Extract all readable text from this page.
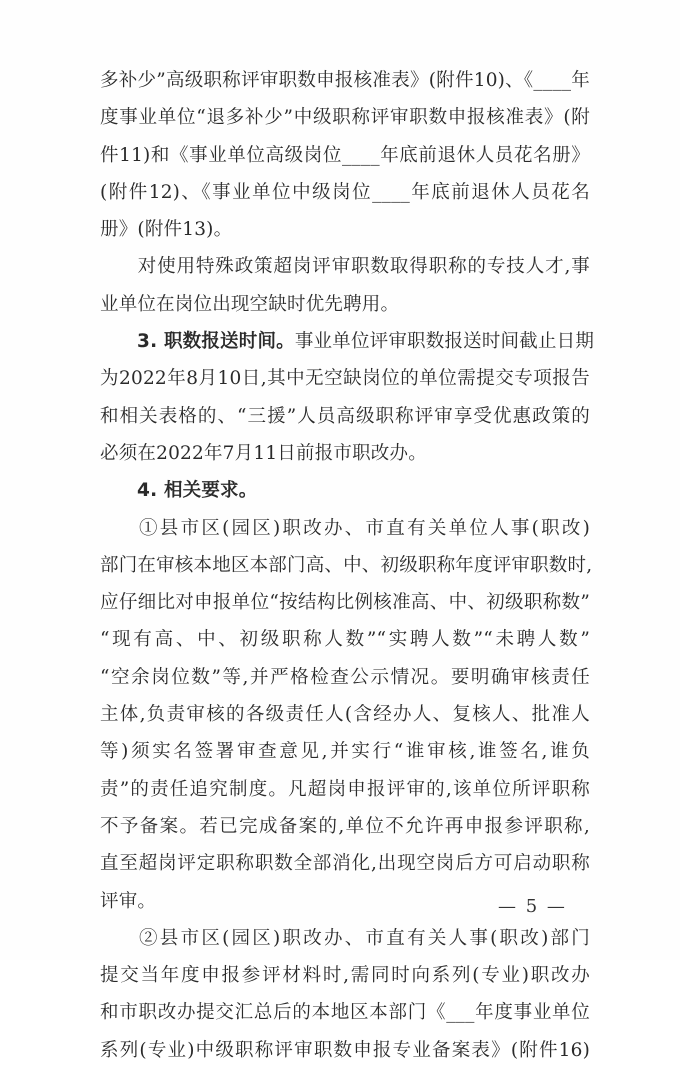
多补少”高级职称评审职数申报核准表》(附件10)、《____年
度事业单位“退多补少”中级职称评审职数申报核准表》(附
件11)和《事业单位高级岗位____年底前退休人员花名册》
(附件12)、《事业单位中级岗位____年底前退休人员花名
册》(附件13)。
对使用特殊政策超岗评审职数取得职称的专技人才,事
业单位在岗位出现空缺时优先聘用。
3. 职数报送时间。事业单位评审职数报送时间截止日期
为2022年8月10日,其中无空缺岗位的单位需提交专项报告
和相关表格的、“三援”人员高级职称评审享受优惠政策的
必须在2022年7月11日前报市职改办。
4. 相关要求。
①县市区(园区)职改办、市直有关单位人事(职改)
部门在审核本地区本部门高、中、初级职称年度评审职数时,
应仔细比对申报单位“按结构比例核准高、中、初级职称数”
“现有高、中、初级职称人数”“实聘人数”“未聘人数”
“空余岗位数”等,并严格检查公示情况。要明确审核责任
主体,负责审核的各级责任人(含经办人、复核人、批准人
等)须实名签署审查意见,并实行“谁审核,谁签名,谁负
责”的责任追究制度。凡超岗申报评审的,该单位所评职称
不予备案。若已完成备案的,单位不允许再申报参评职称,
直至超岗评定职称职数全部消化,出现空岗后方可启动职称
评审。
②县市区(园区)职改办、市直有关人事(职改)部门
提交当年度申报参评材料时,需同时向系列(专业)职改办
和市职改办提交汇总后的本地区本部门《___年度事业单位
系列(专业)中级职称评审职数申报专业备案表》(附件16)
— 5 —
